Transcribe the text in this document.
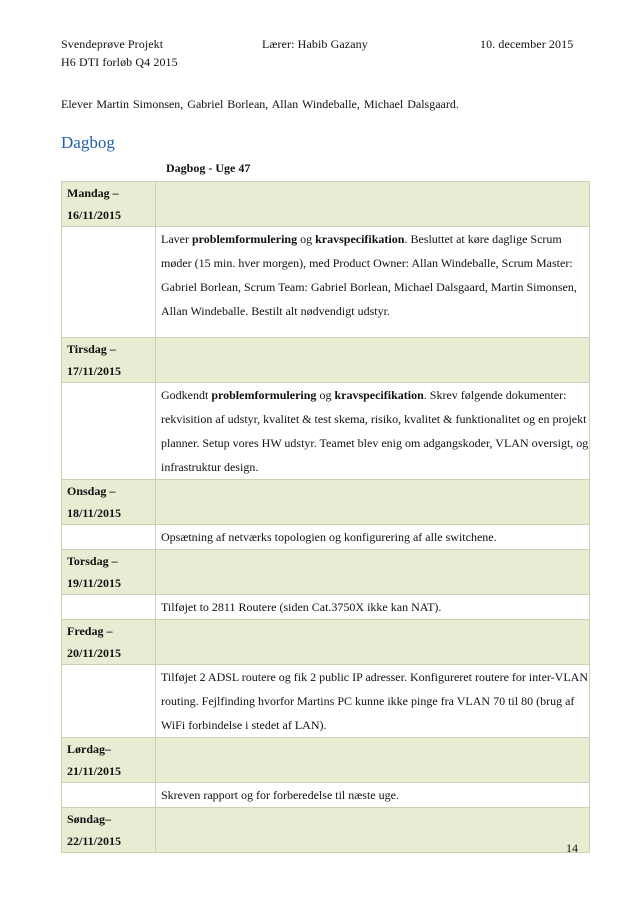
Svendeprøve Projekt	Lærer: Habib Gazany	10. december 2015
H6 DTI forløb Q4 2015
Elever Martin Simonsen, Gabriel Borlean, Allan Windeballe, Michael Dalsgaard.
Dagbog
Dagbog - Uge 47
Mandag –
16/11/2015	

	Laver problemformulering og kravspecifikation. Besluttet at køre daglige Scrum møder (15 min. hver morgen), med Product Owner: Allan Windeballe, Scrum Master: Gabriel Borlean, Scrum Team: Gabriel Borlean, Michael Dalsgaard, Martin Simonsen, Allan Windeballe. Bestilt alt nødvendigt udstyr.

Tirsdag –
17/11/2015	

	Godkendt problemformulering og kravspecifikation. Skrev følgende dokumenter: rekvisition af udstyr, kvalitet & test skema, risiko, kvalitet & funktionalitet og en projekt planner. Setup vores HW udstyr. Teamet blev enig om adgangskoder, VLAN oversigt, og infrastruktur design.

Onsdag –
18/11/2015	

	Opsætning af netværks topologien og konfigurering af alle switchene.

Torsdag –
19/11/2015	

	Tilføjet to 2811 Routere (siden Cat.3750X ikke kan NAT).

Fredag –
20/11/2015	

	Tilføjet 2 ADSL routere og fik 2 public IP adresser. Konfigureret routere for inter-VLAN routing. Fejlfinding hvorfor Martins PC kunne ikke pinge fra VLAN 70 til 80 (brug af WiFi forbindelse i stedet af LAN).

Lørdag–
21/11/2015	

	Skreven rapport og for forberedelse til næste uge.

Søndag–
22/11/2015	
		14
